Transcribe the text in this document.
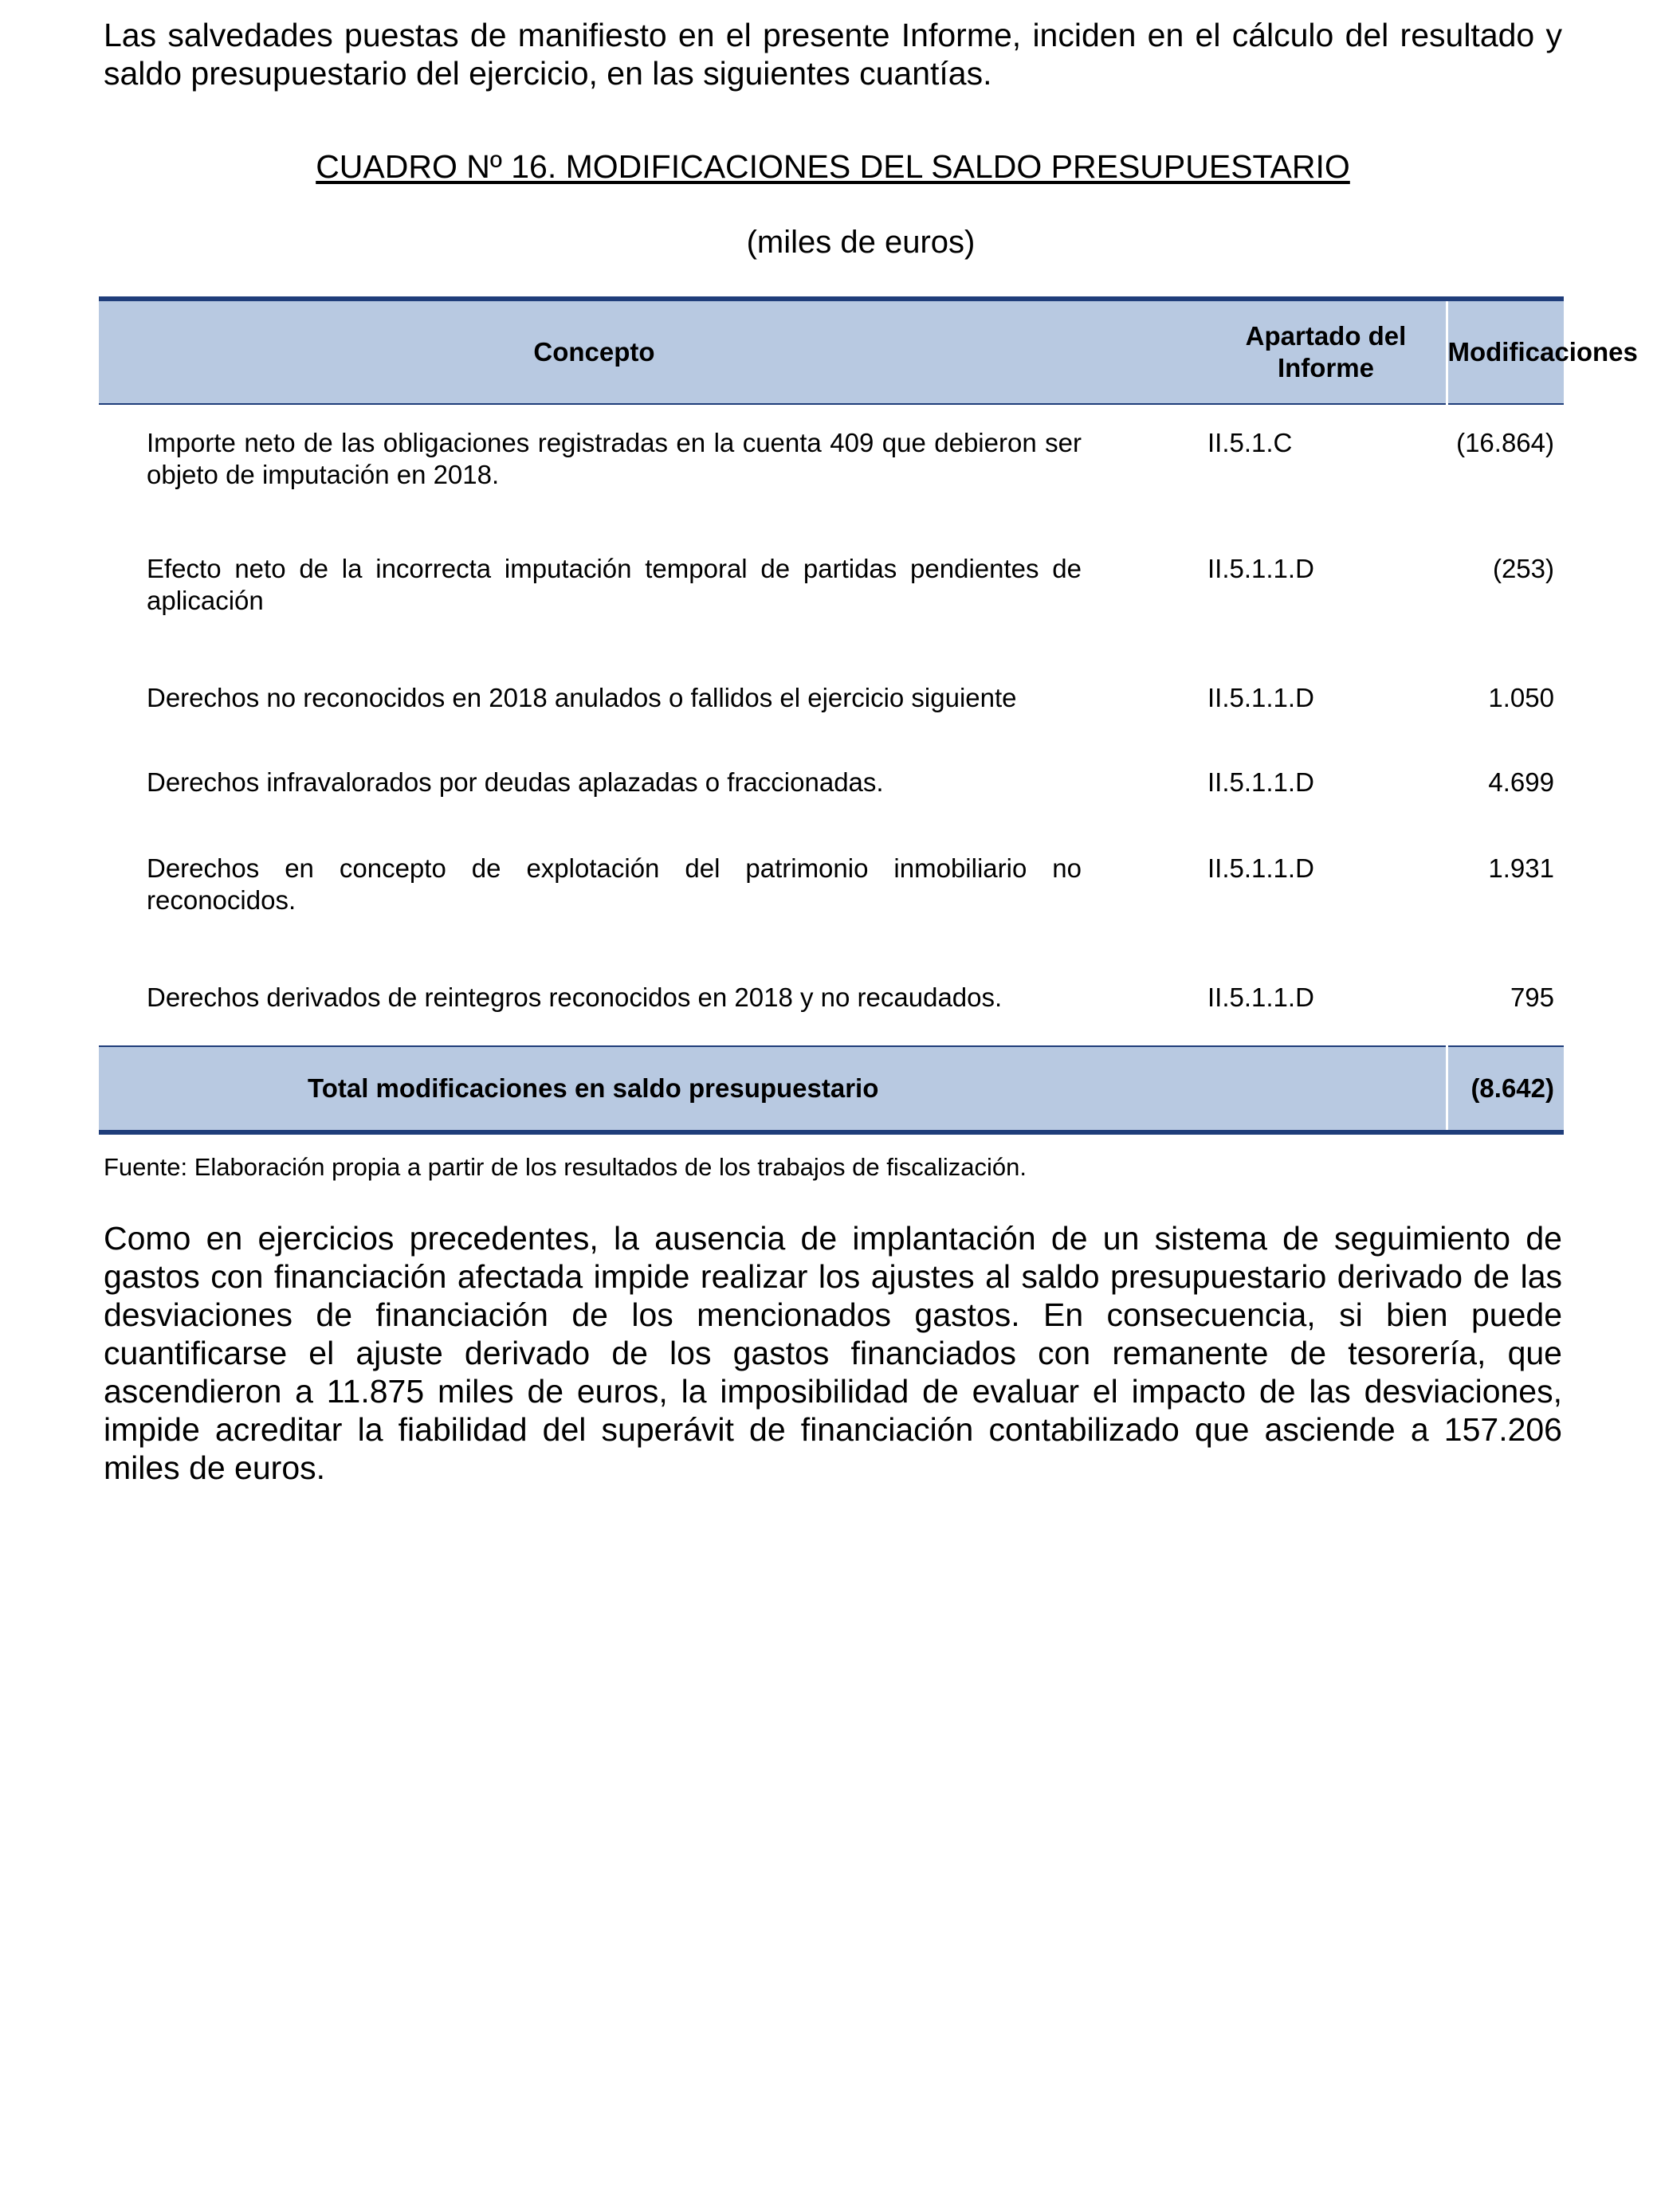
Las salvedades puestas de manifiesto en el presente Informe, inciden en el cálculo del resultado y saldo presupuestario del ejercicio, en las siguientes cuantías.

CUADRO Nº 16. MODIFICACIONES DEL SALDO PRESUPUESTARIO
(miles de euros)
Concepto	Apartado del Informe	Modificaciones
Importe neto de las obligaciones registradas en la cuenta 409 que debieron ser objeto de imputación en 2018.	II.5.1.C	(16.864)
Efecto neto de la incorrecta imputación temporal de partidas pendientes de aplicación	II.5.1.1.D	(253)
Derechos no reconocidos en 2018 anulados o fallidos el ejercicio siguiente	II.5.1.1.D	1.050
Derechos infravalorados por deudas aplazadas o fraccionadas.	II.5.1.1.D	4.699
Derechos en concepto de explotación del patrimonio inmobiliario no reconocidos.	II.5.1.1.D	1.931
Derechos derivados de reintegros reconocidos en 2018 y no recaudados.	II.5.1.1.D	795
Total modificaciones en saldo presupuestario		(8.642)
Fuente: Elaboración propia a partir de los resultados de los trabajos de fiscalización.

Como en ejercicios precedentes, la ausencia de implantación de un sistema de seguimiento de gastos con financiación afectada impide realizar los ajustes al saldo presupuestario derivado de las desviaciones de financiación de los mencionados gastos. En consecuencia, si bien puede cuantificarse el ajuste derivado de los gastos financiados con remanente de tesorería, que ascendieron a 11.875 miles de euros, la imposibilidad de evaluar el impacto de las desviaciones, impide acreditar la fiabilidad del superávit de financiación contabilizado que asciende a 157.206 miles de euros.
